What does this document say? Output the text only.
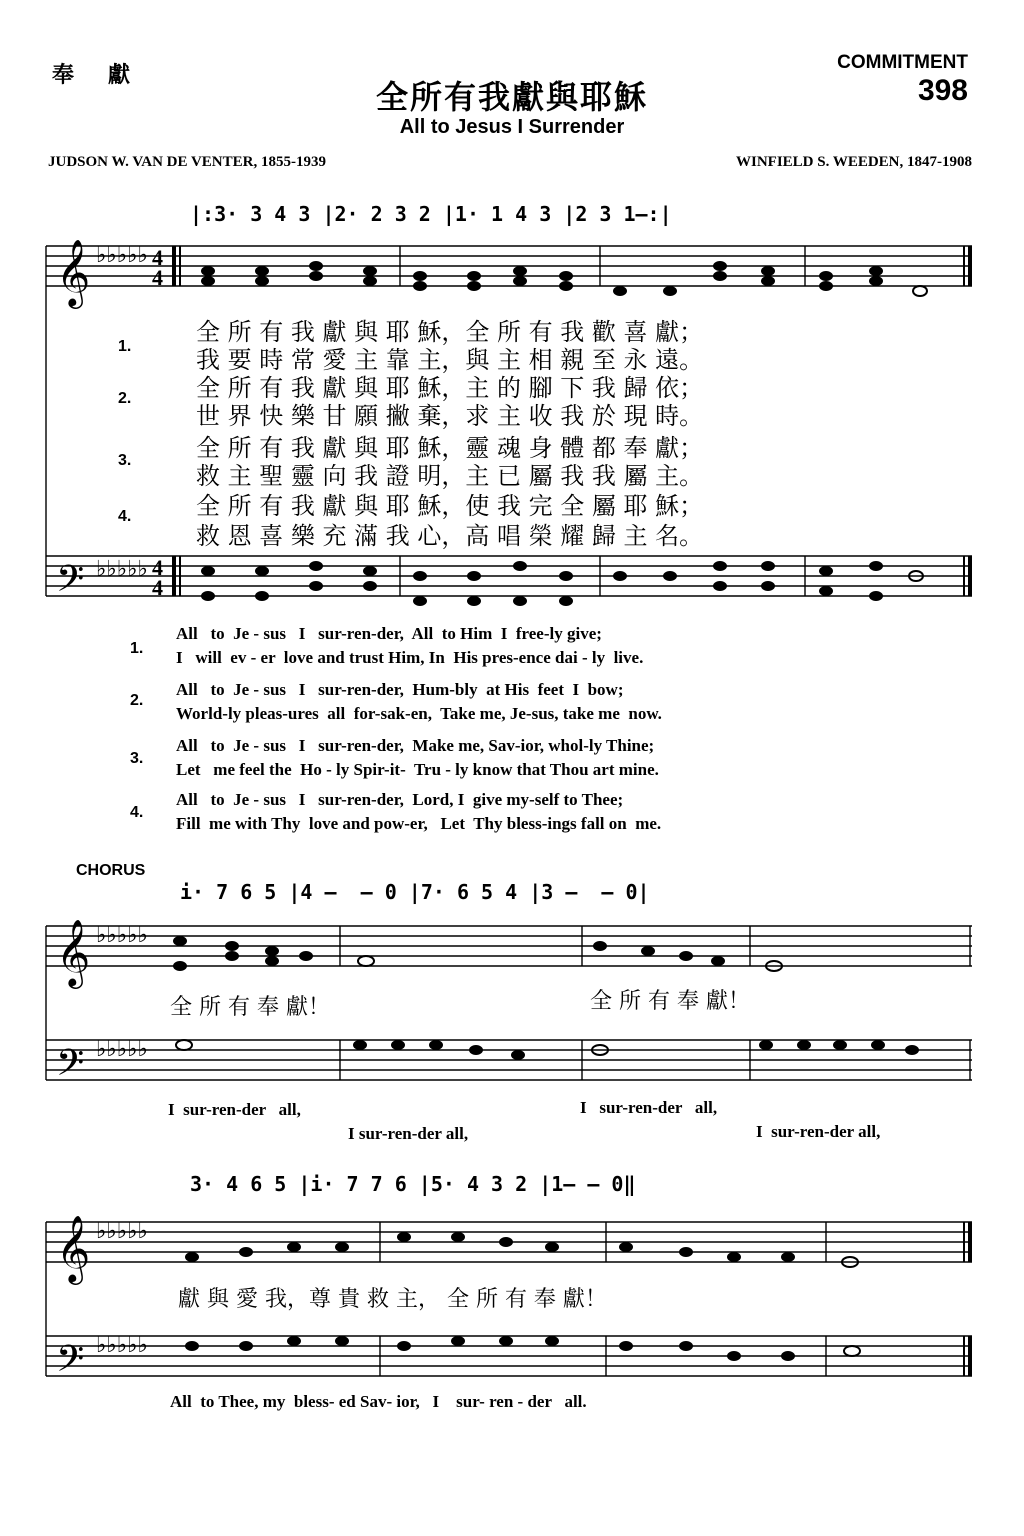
奉獻
COMMITMENT
398
全所有我獻與耶穌
All to Jesus I Surrender
JUDSON W. VAN DE VENTER, 1855-1939	WINFIELD S. WEEDEN, 1847-1908
|:3· 3 4 3 |2· 2 3 2 |1· 1 4 3 |2 3 1—:|
𝄞
𝄢
𝄞
𝄢
𝄞
𝄢
♭♭♭♭♭
♭♭♭♭♭
♭♭♭♭♭
♭♭♭♭♭
♭♭♭♭♭
♭♭♭♭♭
4
4
4
4
1.
全 所 有 我 獻 與 耶 穌，全 所 有 我 歡 喜 獻；
我 要 時 常 愛 主 靠 主，與 主 相 親 至 永 遠。
2.	全 所 有 我 獻 與 耶 穌，主 的 腳 下 我 歸 依；
世 界 快 樂 甘 願 撇 棄，求 主 收 我 於 現 時。
3.	全 所 有 我 獻 與 耶 穌，靈 魂 身 體 都 奉 獻；
救 主 聖 靈 向 我 證 明，主 已 屬 我 我 屬 主。
4.	全 所 有 我 獻 與 耶 穌，使 我 完 全 屬 耶 穌；
救 恩 喜 樂 充 滿 我 心，高 唱 榮 耀 歸 主 名。
1.
All   to  Je - sus   I   sur-ren-der,  All  to Him  I  free-ly give;
I   will  ev - er  love and trust Him, In  His pres-ence dai - ly  live.
2.
All   to  Je - sus   I   sur-ren-der,  Hum-bly  at His  feet  I  bow;
World-ly pleas-ures  all  for-sak-en,  Take me, Je-sus, take me  now.
3.
All   to  Je - sus   I   sur-ren-der,  Make me, Sav-ior, whol-ly Thine;
Let   me feel the  Ho - ly Spir-it-  Tru - ly know that Thou art mine.
4.
All   to  Je - sus   I   sur-ren-der,  Lord, I  give my-self to Thee;
Fill  me with Thy  love and pow-er,   Let  Thy bless-ings fall on  me.
CHORUS
i· 7 6 5 |4 —  — 0 |7· 6 5 4 |3 —  — 0|
全 所 有 奉 獻！	全 所 有 奉 獻！
I  sur-ren-der   all,	I   sur-ren-der   all,
I sur-ren-der all,	I  sur-ren-der all,
3· 4 6 5 |i· 7 7 6 |5· 4 3 2 |1— — 0‖
獻 與 愛 我，尊 貴 救 主， 全 所 有 奉 獻！
All  to Thee, my  bless- ed Sav- ior,   I    sur- ren - der   all.
